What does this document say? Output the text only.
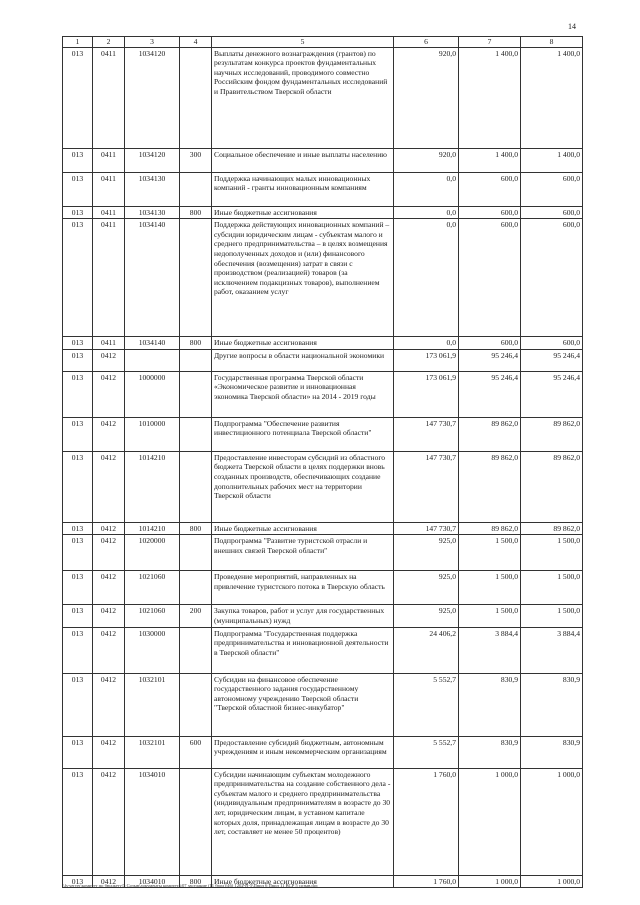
14
1	2	3	4	5	6	7	8
013	0411	1034120		Выплаты денежного вознаграждения (грантов) по результатам конкурса проектов фундаментальных научных исследований, проводимого совместно Российским фондом фундаментальных исследований и Правительством Тверской области	920,0	1 400,0	1 400,0
013	0411	1034120	300	Социальное обеспечение и иные выплаты населению	920,0	1 400,0	1 400,0
013	0411	1034130		Поддержка начинающих малых инновационных компаний - гранты инновационным компаниям	0,0	600,0	600,0
013	0411	1034130	800	Иные бюджетные ассигнования	0,0	600,0	600,0
013	0411	1034140		Поддержка действующих инновационных компаний – субсидии юридическим лицам - субъектам малого и среднего предпринимательства – в целях возмещения недополученных доходов и (или) финансового обеспечения (возмещения) затрат в связи с производством (реализацией) товаров (за исключением подакцизных товаров), выполнением работ, оказанием услуг	0,0	600,0	600,0
013	0411	1034140	800	Иные бюджетные ассигнования	0,0	600,0	600,0
013	0412			Другие вопросы в области национальной экономики	173 061,9	95 246,4	95 246,4
013	0412	1000000		Государственная программа Тверской области «Экономическое развитие и инновационная экономика Тверской области» на 2014 - 2019 годы	173 061,9	95 246,4	95 246,4
013	0412	1010000		Подпрограмма "Обеспечение развития инвестиционного потенциала Тверской области"	147 730,7	89 862,0	89 862,0
013	0412	1014210		Предоставление инвесторам субсидий из областного бюджета Тверской области в целях поддержки вновь созданных производств, обеспечивающих создание дополнительных рабочих мест на территории Тверской области	147 730,7	89 862,0	89 862,0
013	0412	1014210	800	Иные бюджетные ассигнования	147 730,7	89 862,0	89 862,0
013	0412	1020000		Подпрограмма "Развитие туристской отрасли и внешних связей Тверской области"	925,0	1 500,0	1 500,0
013	0412	1021060		Проведение мероприятий, направленных на привлечение туристского потока в Тверскую область	925,0	1 500,0	1 500,0
013	0412	1021060	200	Закупка товаров, работ и услуг для государственных (муниципальных) нужд	925,0	1 500,0	1 500,0
013	0412	1030000		Подпрограмма "Государственная поддержка предпринимательства и инновационной деятельности в Тверской области"	24 406,2	3 884,4	3 884,4
013	0412	1032101		Субсидии на финансовое обеспечение государственного задания государственному автономному учреждению Тверской области "Тверской областной бизнес-инкубатор"	5 552,7	830,9	830,9
013	0412	1032101	600	Предоставление субсидий бюджетным, автономным учреждениям и иным некоммерческим организациям	5 552,7	830,9	830,9
013	0412	1034010		Субсидии начинающим субъектам молодежного предпринимательства на создание собственного дела - субъектам малого и среднего предпринимательства (индивидуальным предпринимателям в возрасте до 30 лет, юридическим лицам, в уставном капитале которых доля, принадлежащая лицам в возрасте до 30 лет, составляет не менее 50 процентов)	1 760,0	1 000,0	1 000,0
013	0412	1034010	800	Иные бюджетные ассигнования	1 760,0	1 000,0	1 000,0
\\fs-server\комитет по бюджету\5 Созыв\документы комитета\07 заседание (11 брод)\46) 1202-П-5\Прил 6 Прил 11 ВСР 5 созыв.doc
